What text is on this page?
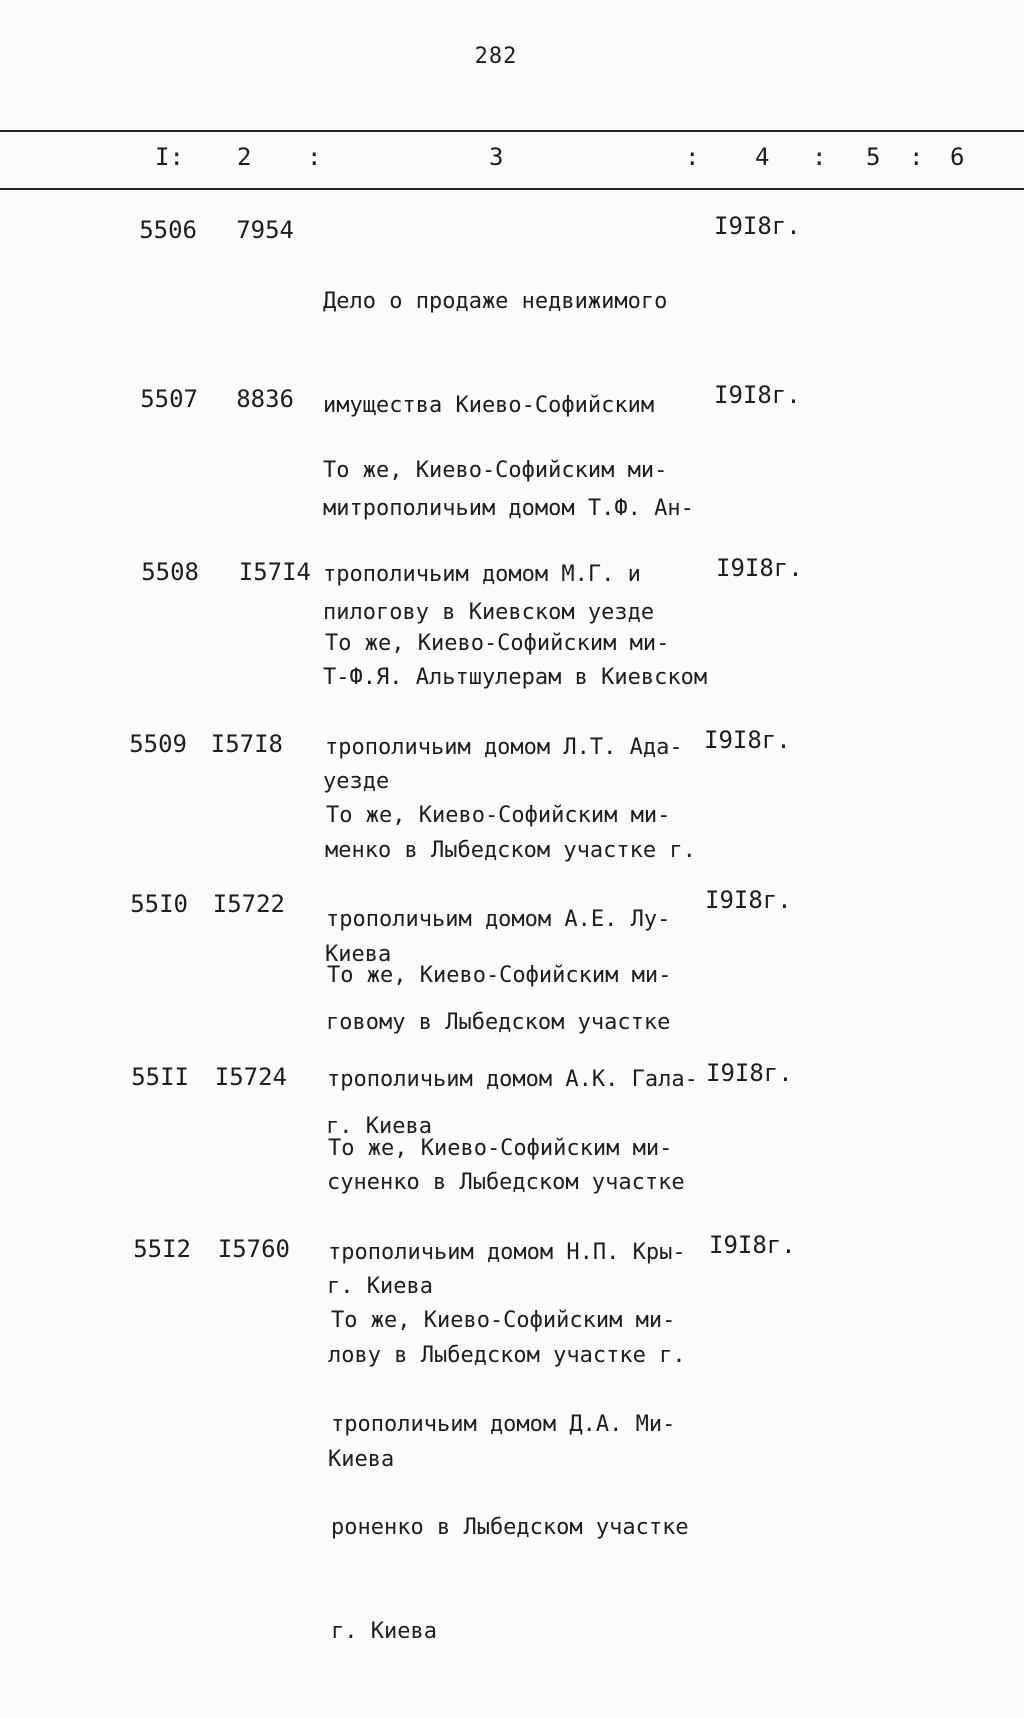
282
I: 2 :	3	: 4 : 5 : 6
5506	7954

Дело о продаже недвижимого

имущества Киево-Софийским

митрополичьим домом Т.Ф. Ан-

пилогову в Киевском уезде

I9I8г.
5507	8836

То же, Киево-Софийским ми-

трополичьим домом М.Г. и

Т-Ф.Я. Альтшулерам в Киевском

уезде

I9I8г.
5508	I57I4

То же, Киево-Софийским ми-

трополичьим домом Л.Т. Ада-

менко в Лыбедском участке г.

Киева

I9I8г.
5509 I57I8

То же, Киево-Софийским ми-

трополичьим домом А.Е. Лу-

говому в Лыбедском участке

г. Киева

I9I8г.
55I0	I5722

То же, Киево-Софийским ми-

трополичьим домом А.К. Гала-

суненко в Лыбедском участке

г. Киева

I9I8г.
55II	I5724

То же, Киево-Софийским ми-

трополичьим домом Н.П. Кры-

лову в Лыбедском участке г.

Киева

I9I8г.
55I2	I5760

То же, Киево-Софийским ми-

трополичьим домом Д.А. Ми-

роненко в Лыбедском участке

г. Киева

I9I8г.
